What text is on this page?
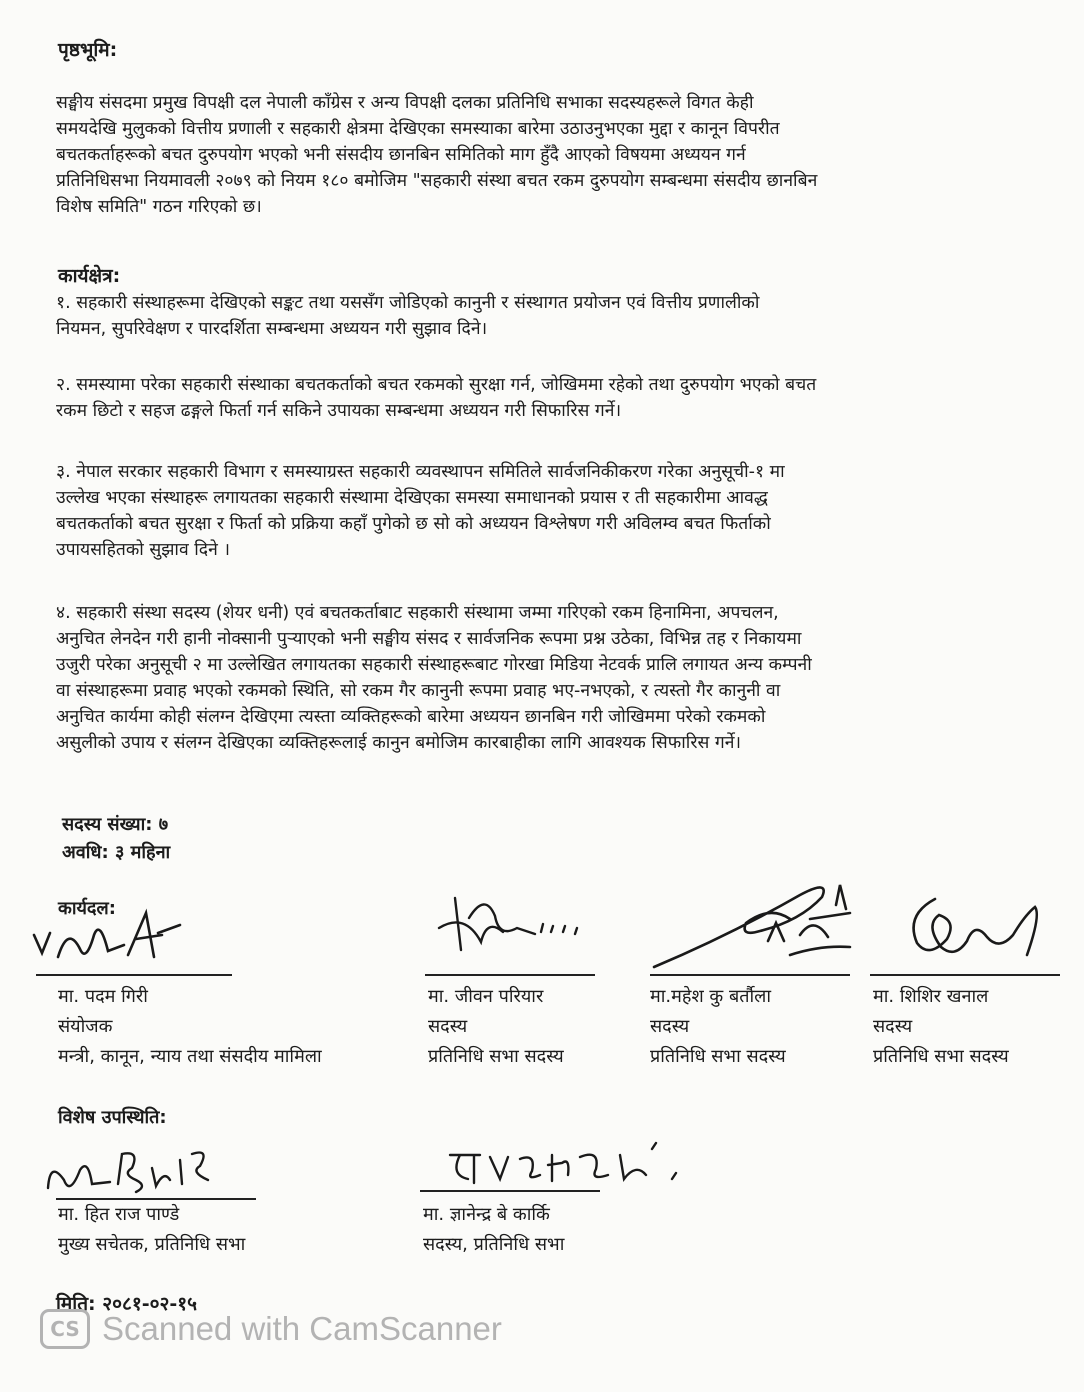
पृष्ठभूमि:
सङ्घीय संसदमा प्रमुख विपक्षी दल नेपाली काँग्रेस र अन्य विपक्षी दलका प्रतिनिधि सभाका सदस्यहरूले विगत केही
समयदेखि मुलुकको वित्तीय प्रणाली र सहकारी क्षेत्रमा देखिएका समस्याका बारेमा उठाउनुभएका मुद्दा र कानून विपरीत
बचतकर्ताहरूको बचत दुरुपयोग भएको भनी संसदीय छानबिन समितिको माग हुँदै आएको विषयमा अध्ययन गर्न
प्रतिनिधिसभा नियमावली २०७९ को नियम १८० बमोजिम "सहकारी संस्था बचत रकम दुरुपयोग सम्बन्धमा संसदीय छानबिन
विशेष समिति" गठन गरिएको छ।
कार्यक्षेत्र:
१. सहकारी संस्थाहरूमा देखिएको सङ्कट तथा यससँग जोडिएको कानुनी र संस्थागत प्रयोजन एवं वित्तीय प्रणालीको
नियमन, सुपरिवेक्षण र पारदर्शिता सम्बन्धमा अध्ययन गरी सुझाव दिने।
२. समस्यामा परेका सहकारी संस्थाका बचतकर्ताको बचत रकमको सुरक्षा गर्न, जोखिममा रहेको तथा दुरुपयोग भएको बचत
रकम छिटो र सहज ढङ्गले फिर्ता गर्न सकिने उपायका सम्बन्धमा अध्ययन गरी सिफारिस गर्ने।
३. नेपाल सरकार सहकारी विभाग र समस्याग्रस्त सहकारी व्यवस्थापन समितिले सार्वजनिकीकरण गरेका अनुसूची-१ मा
उल्लेख भएका संस्थाहरू लगायतका सहकारी संस्थामा देखिएका समस्या समाधानको प्रयास र ती सहकारीमा आवद्ध
बचतकर्ताको बचत सुरक्षा र फिर्ता को प्रक्रिया कहाँ पुगेको छ सो को अध्ययन विश्लेषण गरी अविलम्व बचत फिर्ताको
उपायसहितको सुझाव दिने ।
४. सहकारी संस्था सदस्य (शेयर धनी) एवं बचतकर्ताबाट सहकारी संस्थामा जम्मा गरिएको रकम हिनामिना, अपचलन,
अनुचित लेनदेन गरी हानी नोक्सानी पुऱ्याएको भनी सङ्घीय संसद र सार्वजनिक रूपमा प्रश्न उठेका, विभिन्न तह र निकायमा
उजुरी परेका अनुसूची २ मा उल्लेखित लगायतका सहकारी संस्थाहरूबाट गोरखा मिडिया नेटवर्क प्रालि लगायत अन्य कम्पनी
वा संस्थाहरूमा प्रवाह भएको रकमको स्थिति, सो रकम गैर कानुनी रूपमा प्रवाह भए-नभएको, र त्यस्तो गैर कानुनी वा
अनुचित कार्यमा कोही संलग्न देखिएमा त्यस्ता व्यक्तिहरूको बारेमा अध्ययन छानबिन गरी जोखिममा परेको रकमको
असुलीको उपाय र संलग्न देखिएका व्यक्तिहरूलाई कानुन बमोजिम कारबाहीका लागि आवश्यक सिफारिस गर्ने।
सदस्य संख्या: ७
अवधि: ३ महिना
कार्यदल:
मा. पदम गिरी
संयोजक
मन्त्री, कानून, न्याय तथा संसदीय मामिला
मा. जीवन परियार
सदस्य
प्रतिनिधि सभा सदस्य
मा.महेश कु बर्तौला
सदस्य
प्रतिनिधि सभा सदस्य
मा. शिशिर खनाल
सदस्य
प्रतिनिधि सभा सदस्य
विशेष उपस्थिति:
मा. हित राज पाण्डे
मुख्य सचेतक, प्रतिनिधि सभा
मा. ज्ञानेन्द्र बे कार्कि
सदस्य, प्रतिनिधि सभा
मिति: २०८१-०२-१५
CS Scanned with CamScanner
